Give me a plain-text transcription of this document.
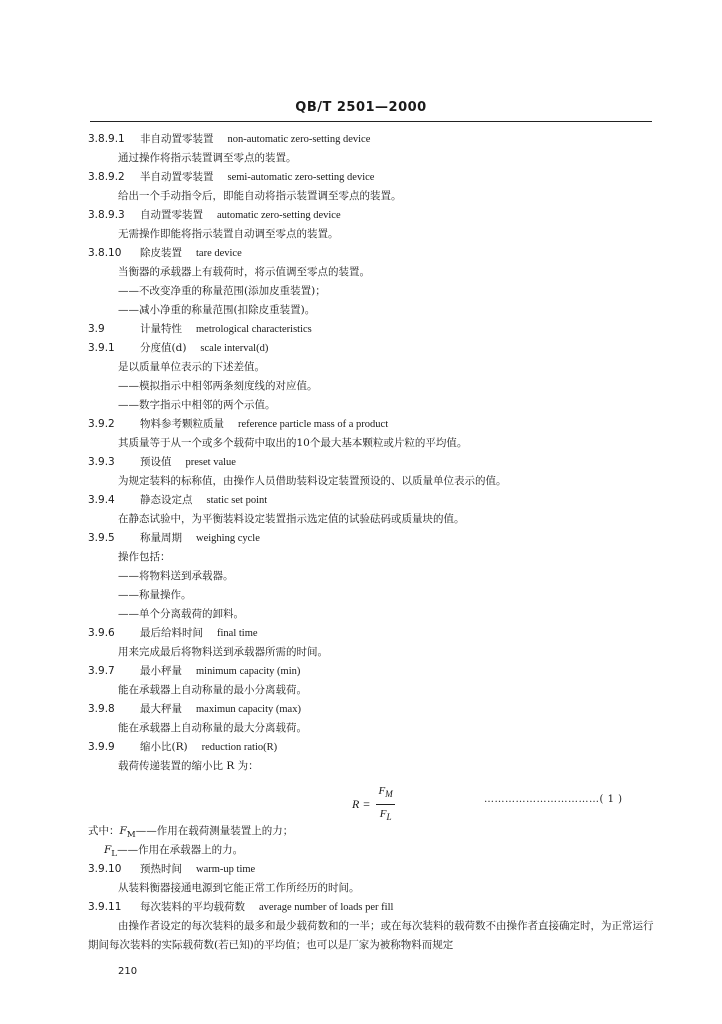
QB/T 2501—2000
3.8.9.1 非自动置零装置 non-automatic zero-setting device
通过操作将指示装置调至零点的装置。
3.8.9.2 半自动置零装置 semi-automatic zero-setting device
给出一个手动指令后，即能自动将指示装置调至零点的装置。
3.8.9.3 自动置零装置 automatic zero-setting device
无需操作即能将指示装置自动调至零点的装置。
3.8.10 除皮装置 tare device
当衡器的承载器上有载荷时，将示值调至零点的装置。
——不改变净重的称量范围(添加皮重装置)；
——减小净重的称量范围(扣除皮重装置)。
3.9	计量特性 metrological characteristics
3.9.1 分度值(d) scale interval(d)
是以质量单位表示的下述差值。
——模拟指示中相邻两条刻度线的对应值。
——数字指示中相邻的两个示值。
3.9.2 物料参考颗粒质量 reference particle mass of a product
其质量等于从一个或多个载荷中取出的10个最大基本颗粒或片粒的平均值。
3.9.3 预设值 preset value
为规定装料的标称值，由操作人员借助装料设定装置预设的、以质量单位表示的值。
3.9.4 静态设定点 static set point
在静态试验中，为平衡装料设定装置指示选定值的试验砝码或质量块的值。
3.9.5 称量周期 weighing cycle
操作包括：
——将物料送到承载器。
——称量操作。
——单个分离载荷的卸料。
3.9.6 最后给料时间 final time
用来完成最后将物料送到承载器所需的时间。
3.9.7 最小秤量 minimum capacity (min)
能在承载器上自动称量的最小分离载荷。
3.9.8 最大秤量 maximun capacity (max)
能在承载器上自动称量的最大分离载荷。
3.9.9 缩小比(R) reduction ratio(R)
载荷传递装置的缩小比 R 为：
$R = \frac{F_M}{F_L}$	……………………………( 1 )
式中：$F_M——$作用在载荷测量装置上的力；
$F_L——$作用在承载器上的力。
3.9.10 预热时间 warm-up time
从装料衡器接通电源到它能正常工作所经历的时间。
3.9.11 每次装料的平均载荷数 average number of loads per fill
由操作者设定的每次装料的最多和最少载荷数和的一半；或在每次装料的载荷数不由操作者直接确定时，为正常运行期间每次装料的实际载荷数(若已知)的平均值；也可以是厂家为被称物料而规定
210
